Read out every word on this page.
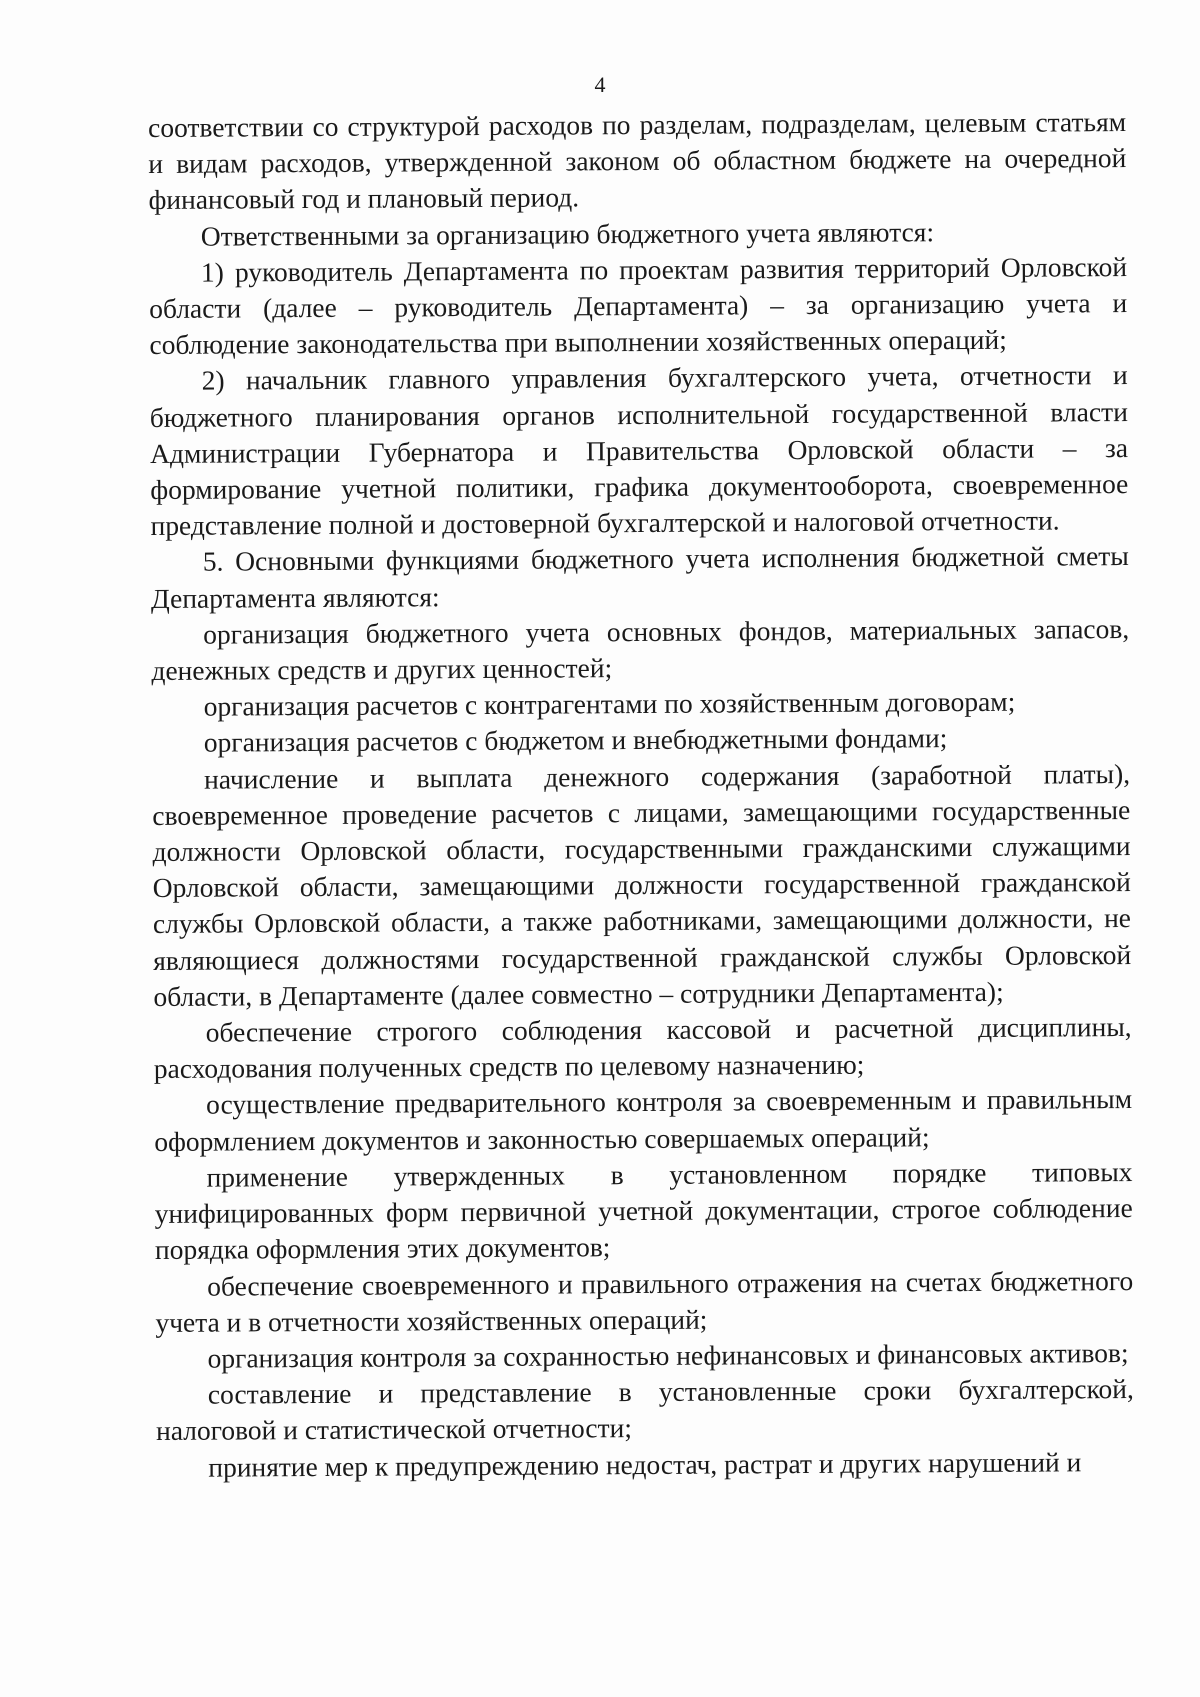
4

соответствии со структурой расходов по разделам, подразделам, целевым статьям и видам расходов, утвержденной законом об областном бюджете на очередной финансовый год и плановый период.

Ответственными за организацию бюджетного учета являются:

1) руководитель Департамента по проектам развития территорий Орловской области (далее – руководитель Департамента) – за организацию учета и соблюдение законодательства при выполнении хозяйственных операций;

2) начальник главного управления бухгалтерского учета, отчетности и бюджетного планирования органов исполнительной государственной власти Администрации Губернатора и Правительства Орловской области – за формирование учетной политики, графика документооборота, своевременное представление полной и достоверной бухгалтерской и налоговой отчетности.

5. Основными функциями бюджетного учета исполнения бюджетной сметы Департамента являются:

организация бюджетного учета основных фондов, материальных запасов, денежных средств и других ценностей;

организация расчетов с контрагентами по хозяйственным договорам;

организация расчетов с бюджетом и внебюджетными фондами;

начисление и выплата денежного содержания (заработной платы), своевременное проведение расчетов с лицами, замещающими государственные должности Орловской области, государственными гражданскими служащими Орловской области, замещающими должности государственной гражданской службы Орловской области, а также работниками, замещающими должности, не являющиеся должностями государственной гражданской службы Орловской области, в Департаменте (далее совместно – сотрудники Департамента);

обеспечение строгого соблюдения кассовой и расчетной дисциплины, расходования полученных средств по целевому назначению;

осуществление предварительного контроля за своевременным и правильным оформлением документов и законностью совершаемых операций;

применение утвержденных в установленном порядке типовых унифицированных форм первичной учетной документации, строгое соблюдение порядка оформления этих документов;

обеспечение своевременного и правильного отражения на счетах бюджетного учета и в отчетности хозяйственных операций;

организация контроля за сохранностью нефинансовых и финансовых активов;

составление и представление в установленные сроки бухгалтерской, налоговой и статистической отчетности;

принятие мер к предупреждению недостач, растрат и других нарушений и
